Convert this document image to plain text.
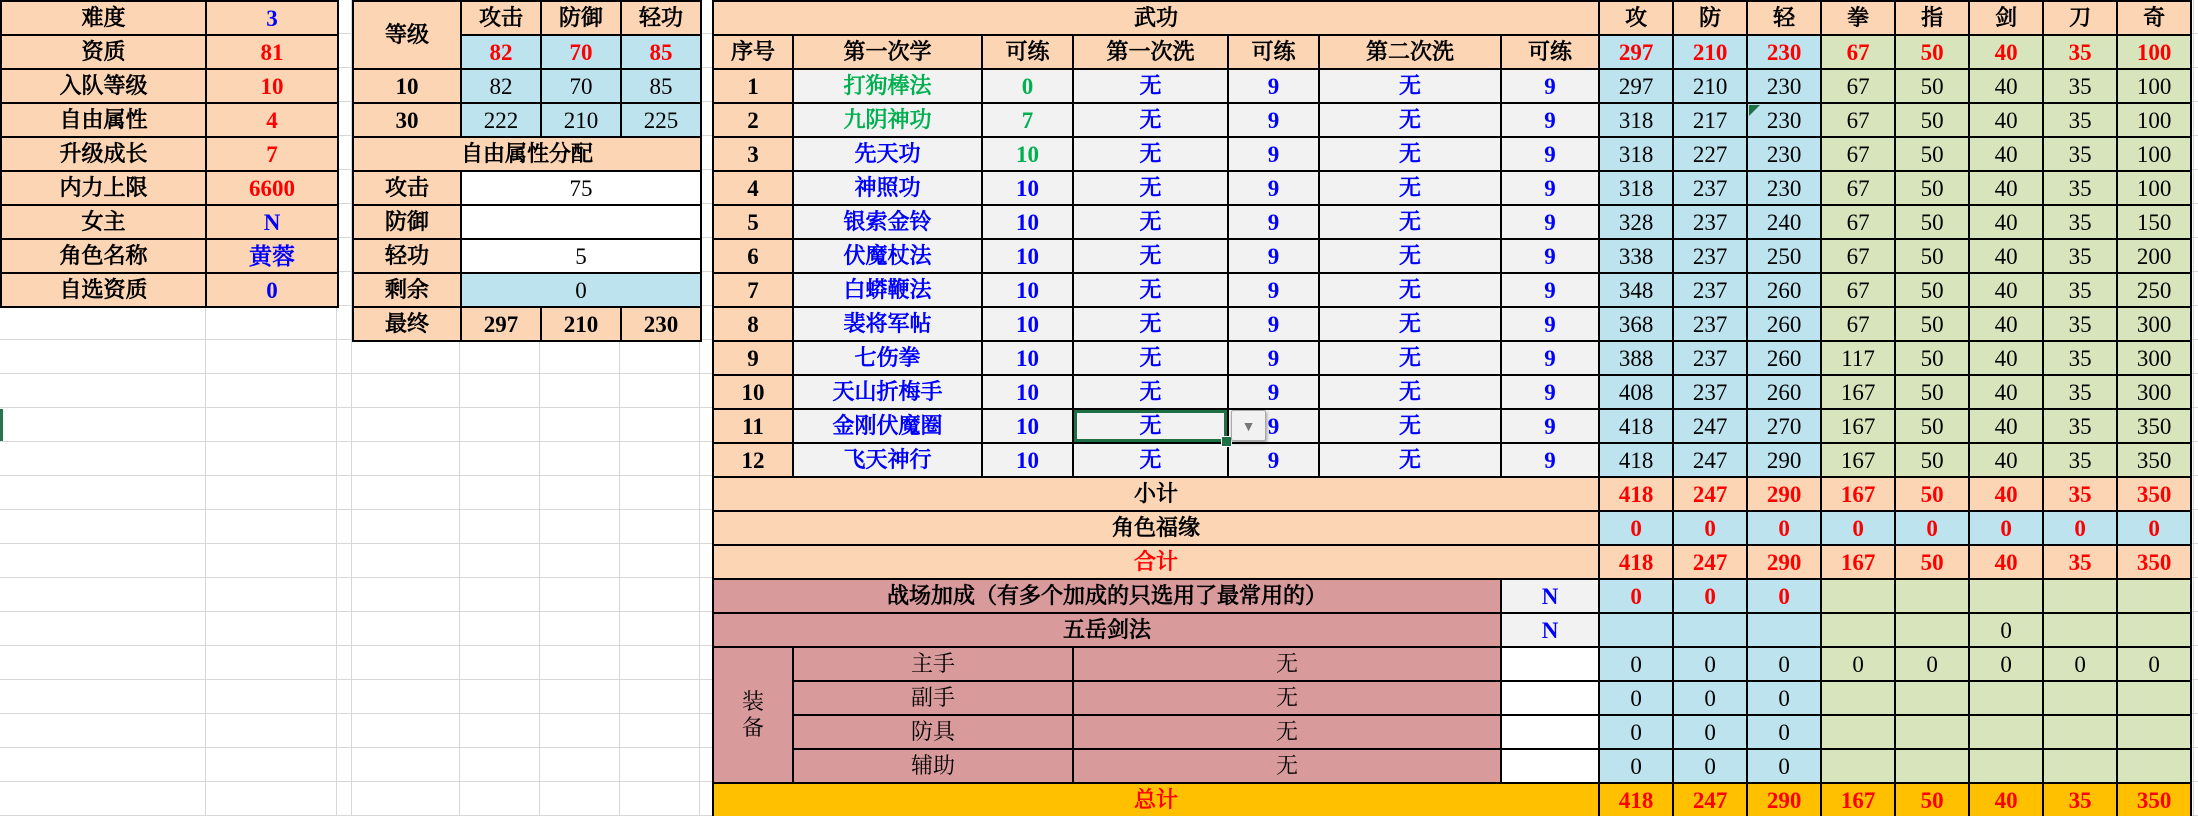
难度	3
资质	81
入队等级	10
自由属性	4
升级成长	7
内力上限	6600
女主	N
角色名称	黄蓉
自选资质	0
等级	攻击	防御	轻功
	82	70	85
10	82	70	85
30	222	210	225
自由属性分配			
攻击	75		
防御			
轻功	5		
剩余	0		
最终	297	210	230
武功							攻	防	轻	拳	指	剑	刀	奇
序号	第一次学	可练	第一次洗	可练	第二次洗	可练	297	210	230	67	50	40	35	100
1	打狗棒法	0	无	9	无	9	297	210	230	67	50	40	35	100
2	九阴神功	7	无	9	无	9	318	217	230	67	50	40	35	100
3	先天功	10	无	9	无	9	318	227	230	67	50	40	35	100
4	神照功	10	无	9	无	9	318	237	230	67	50	40	35	100
5	银索金铃	10	无	9	无	9	328	237	240	67	50	40	35	150
6	伏魔杖法	10	无	9	无	9	338	237	250	67	50	40	35	200
7	白蟒鞭法	10	无	9	无	9	348	237	260	67	50	40	35	250
8	裴将军帖	10	无	9	无	9	368	237	260	67	50	40	35	300
9	七伤拳	10	无	9	无	9	388	237	260	117	50	40	35	300
10	天山折梅手	10	无	9	无	9	408	237	260	167	50	40	35	300
11	金刚伏魔圈	10	无	9	无	9	418	247	270	167	50	40	35	350
12	飞天神行	10	无	9	无	9	418	247	290	167	50	40	35	350
小计							418	247	290	167	50	40	35	350
角色福缘							0	0	0	0	0	0	0	0
合计							418	247	290	167	50	40	35	350
战场加成（有多个加成的只选用了最常用的）						N	0	0	0					
五岳剑法						N						0		
装备	主手		无				0	0	0	0	0	0	0	0
	副手		无				0	0	0					
	防具		无				0	0	0					
	辅助		无				0	0	0					
总计							418	247	290	167	50	40	35	350
▼
